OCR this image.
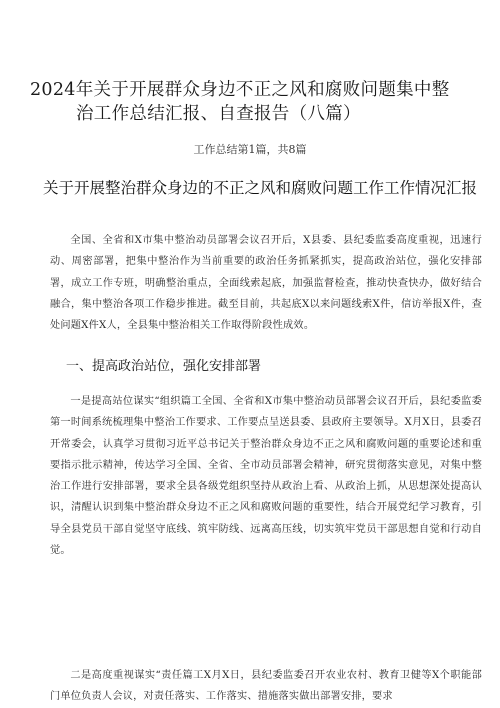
2024年关于开展群众身边不正之风和腐败问题集中整
治工作总结汇报、自查报告（八篇）
工作总结第1篇，共8篇
关于开展整治群众身边的不正之风和腐败问题工作工作情况汇报
全国、全省和X市集中整治动员部署会议召开后，X县委、县纪委监委高度重视，迅速行动、周密部署，把集中整治作为当前重要的政治任务抓紧抓实，提高政治站位，强化安排部署，成立工作专班，明确整治重点，全面线索起底，加强监督检查，推动快查快办，做好结合融合，集中整治各项工作稳步推进。截至目前，共起底X以来问题线索X件，信访举报X件，查处问题X件X人，全县集中整治相关工作取得阶段性成效。
一、提高政治站位，强化安排部署
一是提高站位谋实“组织篇工全国、全省和X市集中整治动员部署会议召开后，县纪委监委第一时间系统梳理集中整治工作要求、工作要点呈送县委、县政府主要领导。X月X日，县委召开常委会，认真学习贯彻习近平总书记关于整治群众身边不正之风和腐败问题的重要论述和重要指示批示精神，传达学习全国、全省、全市动员部署会精神，研究贯彻落实意见，对集中整治工作进行安排部署，要求全县各级党组织坚持从政治上看、从政治上抓，从思想深处提高认识，清醒认识到集中整治群众身边不正之风和腐败问题的重要性，结合开展党纪学习教育，引导全县党员干部自觉坚守底线、筑牢防线、远离高压线，切实筑牢党员干部思想自觉和行动自觉。
二是高度重视谋实“责任篇工X月X日，县纪委监委召开农业农村、教育卫健等X个职能部门单位负责人会议，对责任落实、工作落实、措施落实做出部署安排，要求
